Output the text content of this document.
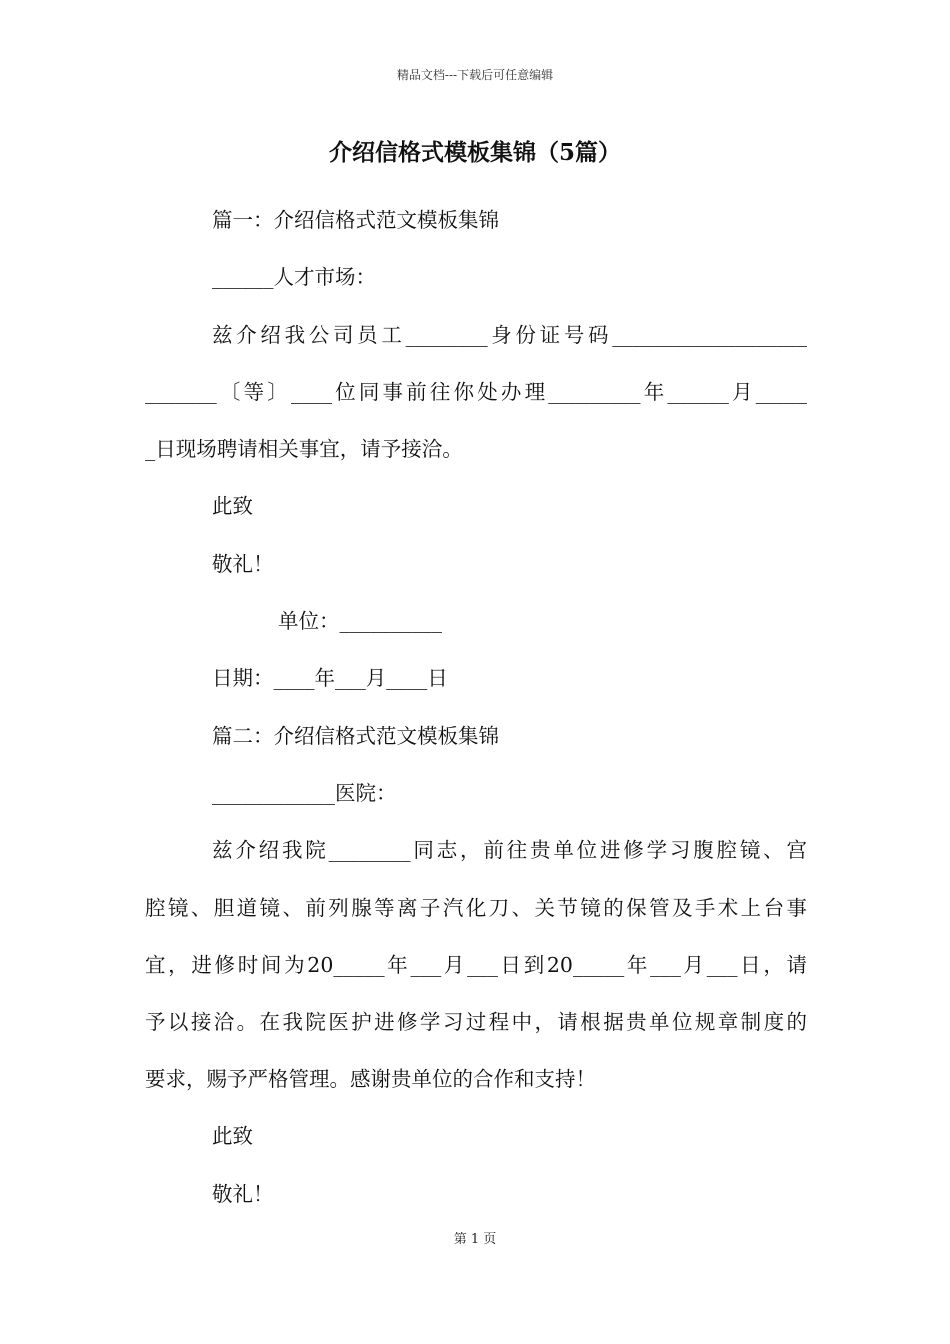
精品文档---下载后可任意编辑
介绍信格式模板集锦（5篇）
篇一：介绍信格式范文模板集锦
______人才市场：
兹介绍我公司员工________身份证号码___________________
_______〔等〕____位同事前往你处办理_________年______月_____
_日现场聘请相关事宜，请予接洽。
此致
敬礼！
单位：__________
日期：____年___月____日
篇二：介绍信格式范文模板集锦
____________医院：
兹介绍我院________同志，前往贵单位进修学习腹腔镜、宫
腔镜、胆道镜、前列腺等离子汽化刀、关节镜的保管及手术上台事
宜，进修时间为20_____年___月___日到20_____年___月___日，请
予以接洽。在我院医护进修学习过程中，请根据贵单位规章制度的
要求，赐予严格管理。感谢贵单位的合作和支持！
此致
敬礼！
第 1 页
